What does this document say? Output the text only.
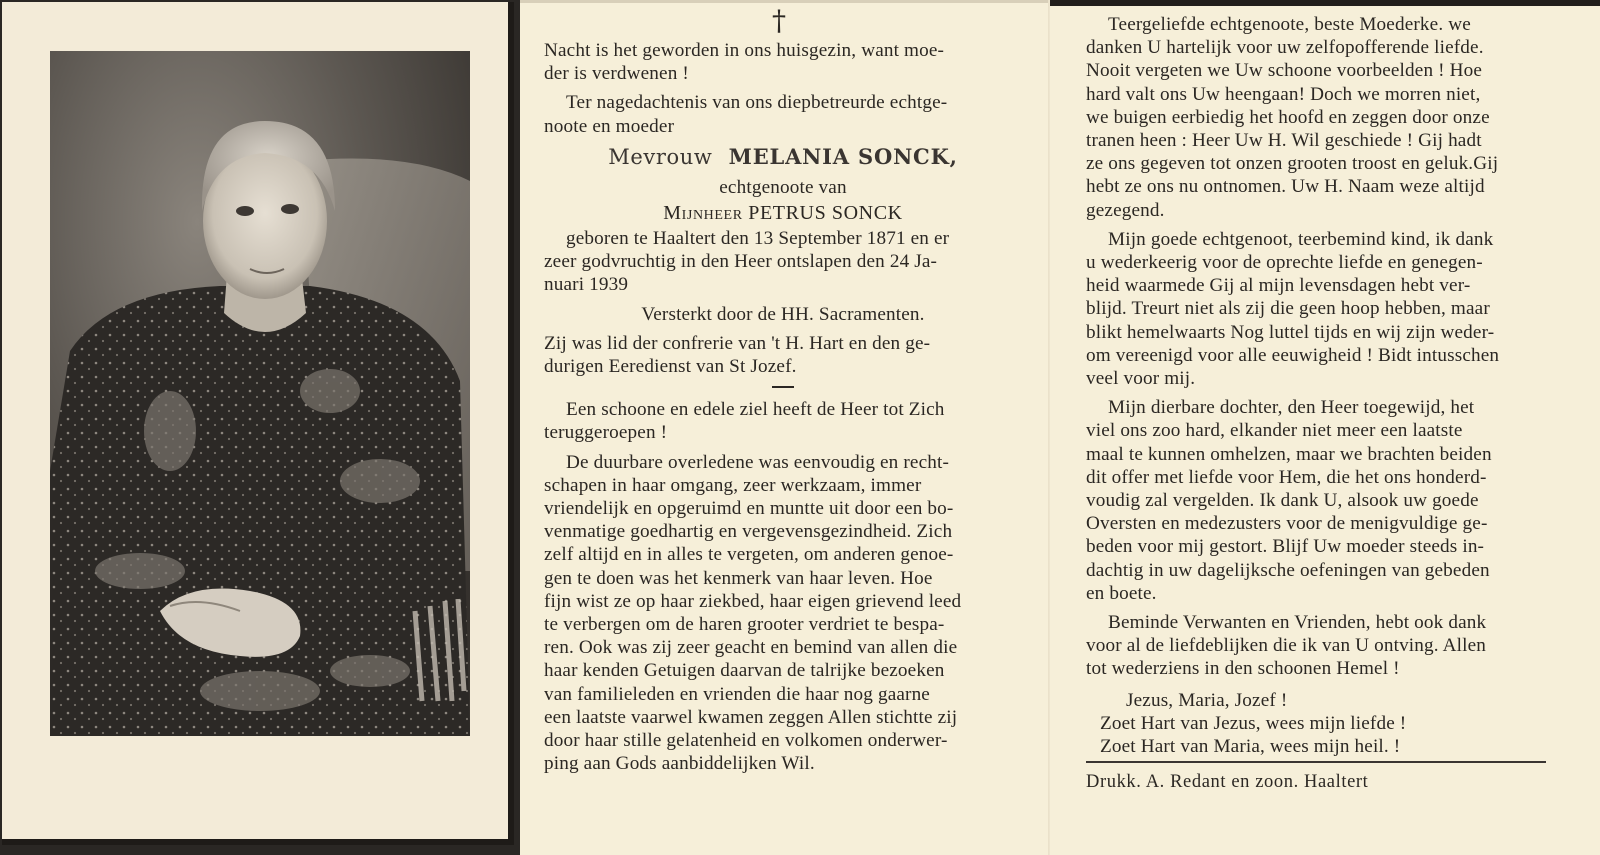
†

Nacht is het geworden in ons huisgezin, want moe-

der is verdwenen !

Ter nagedachtenis van ons diepbetreurde echtge-

noote en moeder

Mevrouw MELANIA SONCK,

echtgenoote van

Mijnheer PETRUS SONCK

geboren te Haaltert den 13 September 1871 en er

zeer godvruchtig in den Heer ontslapen den 24 Ja-

nuari 1939

Versterkt door de HH. Sacramenten.

Zij was lid der confrerie van 't H. Hart en den ge-

durigen Eeredienst van St Jozef.

Een schoone en edele ziel heeft de Heer tot Zich

teruggeroepen !

De duurbare overledene was eenvoudig en recht-

schapen in haar omgang, zeer werkzaam, immer

vriendelijk en opgeruimd en muntte uit door een bo-

venmatige goedhartig en vergevensgezindheid. Zich

zelf altijd en in alles te vergeten, om anderen genoe-

gen te doen was het kenmerk van haar leven. Hoe

fijn wist ze op haar ziekbed, haar eigen grievend leed

te verbergen om de haren grooter verdriet te bespa-

ren. Ook was zij zeer geacht en bemind van allen die

haar kenden Getuigen daarvan de talrijke bezoeken

van familieleden en vrienden die haar nog gaarne

een laatste vaarwel kwamen zeggen Allen stichtte zij

door haar stille gelatenheid en volkomen onderwer-

ping aan Gods aanbiddelijken Wil.

Teergeliefde echtgenoote, beste Moederke. we

danken U hartelijk voor uw zelfopofferende liefde.

Nooit vergeten we Uw schoone voorbeelden ! Hoe

hard valt ons Uw heengaan! Doch we morren niet,

we buigen eerbiedig het hoofd en zeggen door onze

tranen heen : Heer Uw H. Wil geschiede ! Gij hadt

ze ons gegeven tot onzen grooten troost en geluk.Gij

hebt ze ons nu ontnomen. Uw H. Naam weze altijd

gezegend.

Mijn goede echtgenoot, teerbemind kind, ik dank

u wederkeerig voor de oprechte liefde en genegen-

heid waarmede Gij al mijn levensdagen hebt ver-

blijd. Treurt niet als zij die geen hoop hebben, maar

blikt hemelwaarts Nog luttel tijds en wij zijn weder-

om vereenigd voor alle eeuwigheid ! Bidt intusschen

veel voor mij.

Mijn dierbare dochter, den Heer toegewijd, het

viel ons zoo hard, elkander niet meer een laatste

maal te kunnen omhelzen, maar we brachten beiden

dit offer met liefde voor Hem, die het ons honderd-

voudig zal vergelden. Ik dank U, alsook uw goede

Oversten en medezusters voor de menigvuldige ge-

beden voor mij gestort. Blijf Uw moeder steeds in-

dachtig in uw dagelijksche oefeningen van gebeden

en boete.

Beminde Verwanten en Vrienden, hebt ook dank

voor al de liefdeblijken die ik van U ontving. Allen

tot wederziens in den schoonen Hemel !

Jezus, Maria, Jozef !

Zoet Hart van Jezus, wees mijn liefde !

Zoet Hart van Maria, wees mijn heil. !

Drukk. A. Redant en zoon. Haaltert
